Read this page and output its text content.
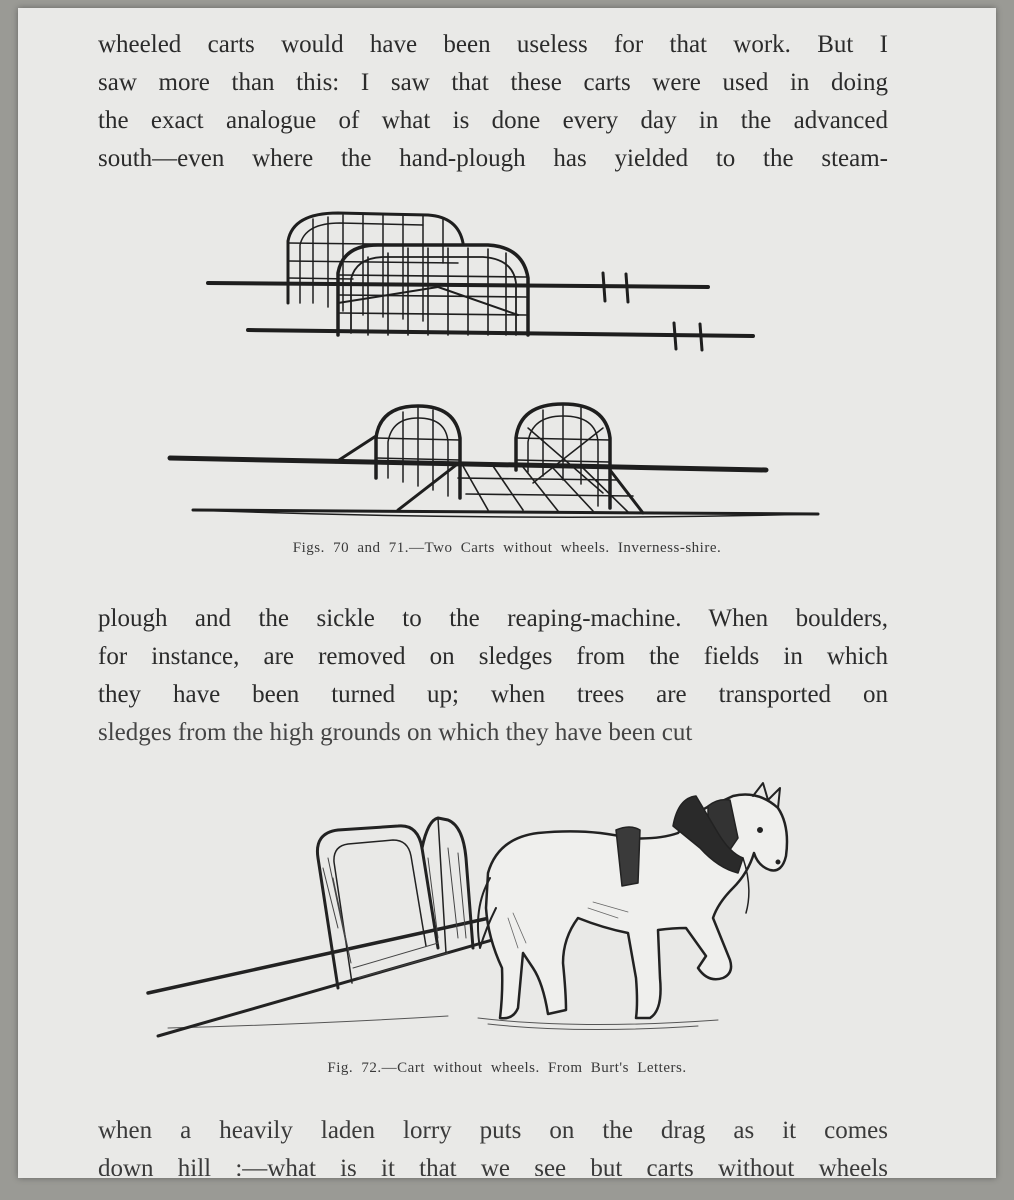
wheeled carts would have been useless for that work. But I
saw more than this: I saw that these carts were used in doing
the exact analogue of what is done every day in the advanced
south—even where the hand-plough has yielded to the steam-
Figs. 70 and 71.—Two Carts without wheels. Inverness-shire.
plough and the sickle to the reaping-machine. When boulders,
for instance, are removed on sledges from the fields in which
they have been turned up; when trees are transported on
sledges from the high grounds on which they have been cut
Fig. 72.—Cart without wheels. From Burt's Letters.
when a heavily laden lorry puts on the drag as it comes
down hill :—what is it that we see but carts without wheels
